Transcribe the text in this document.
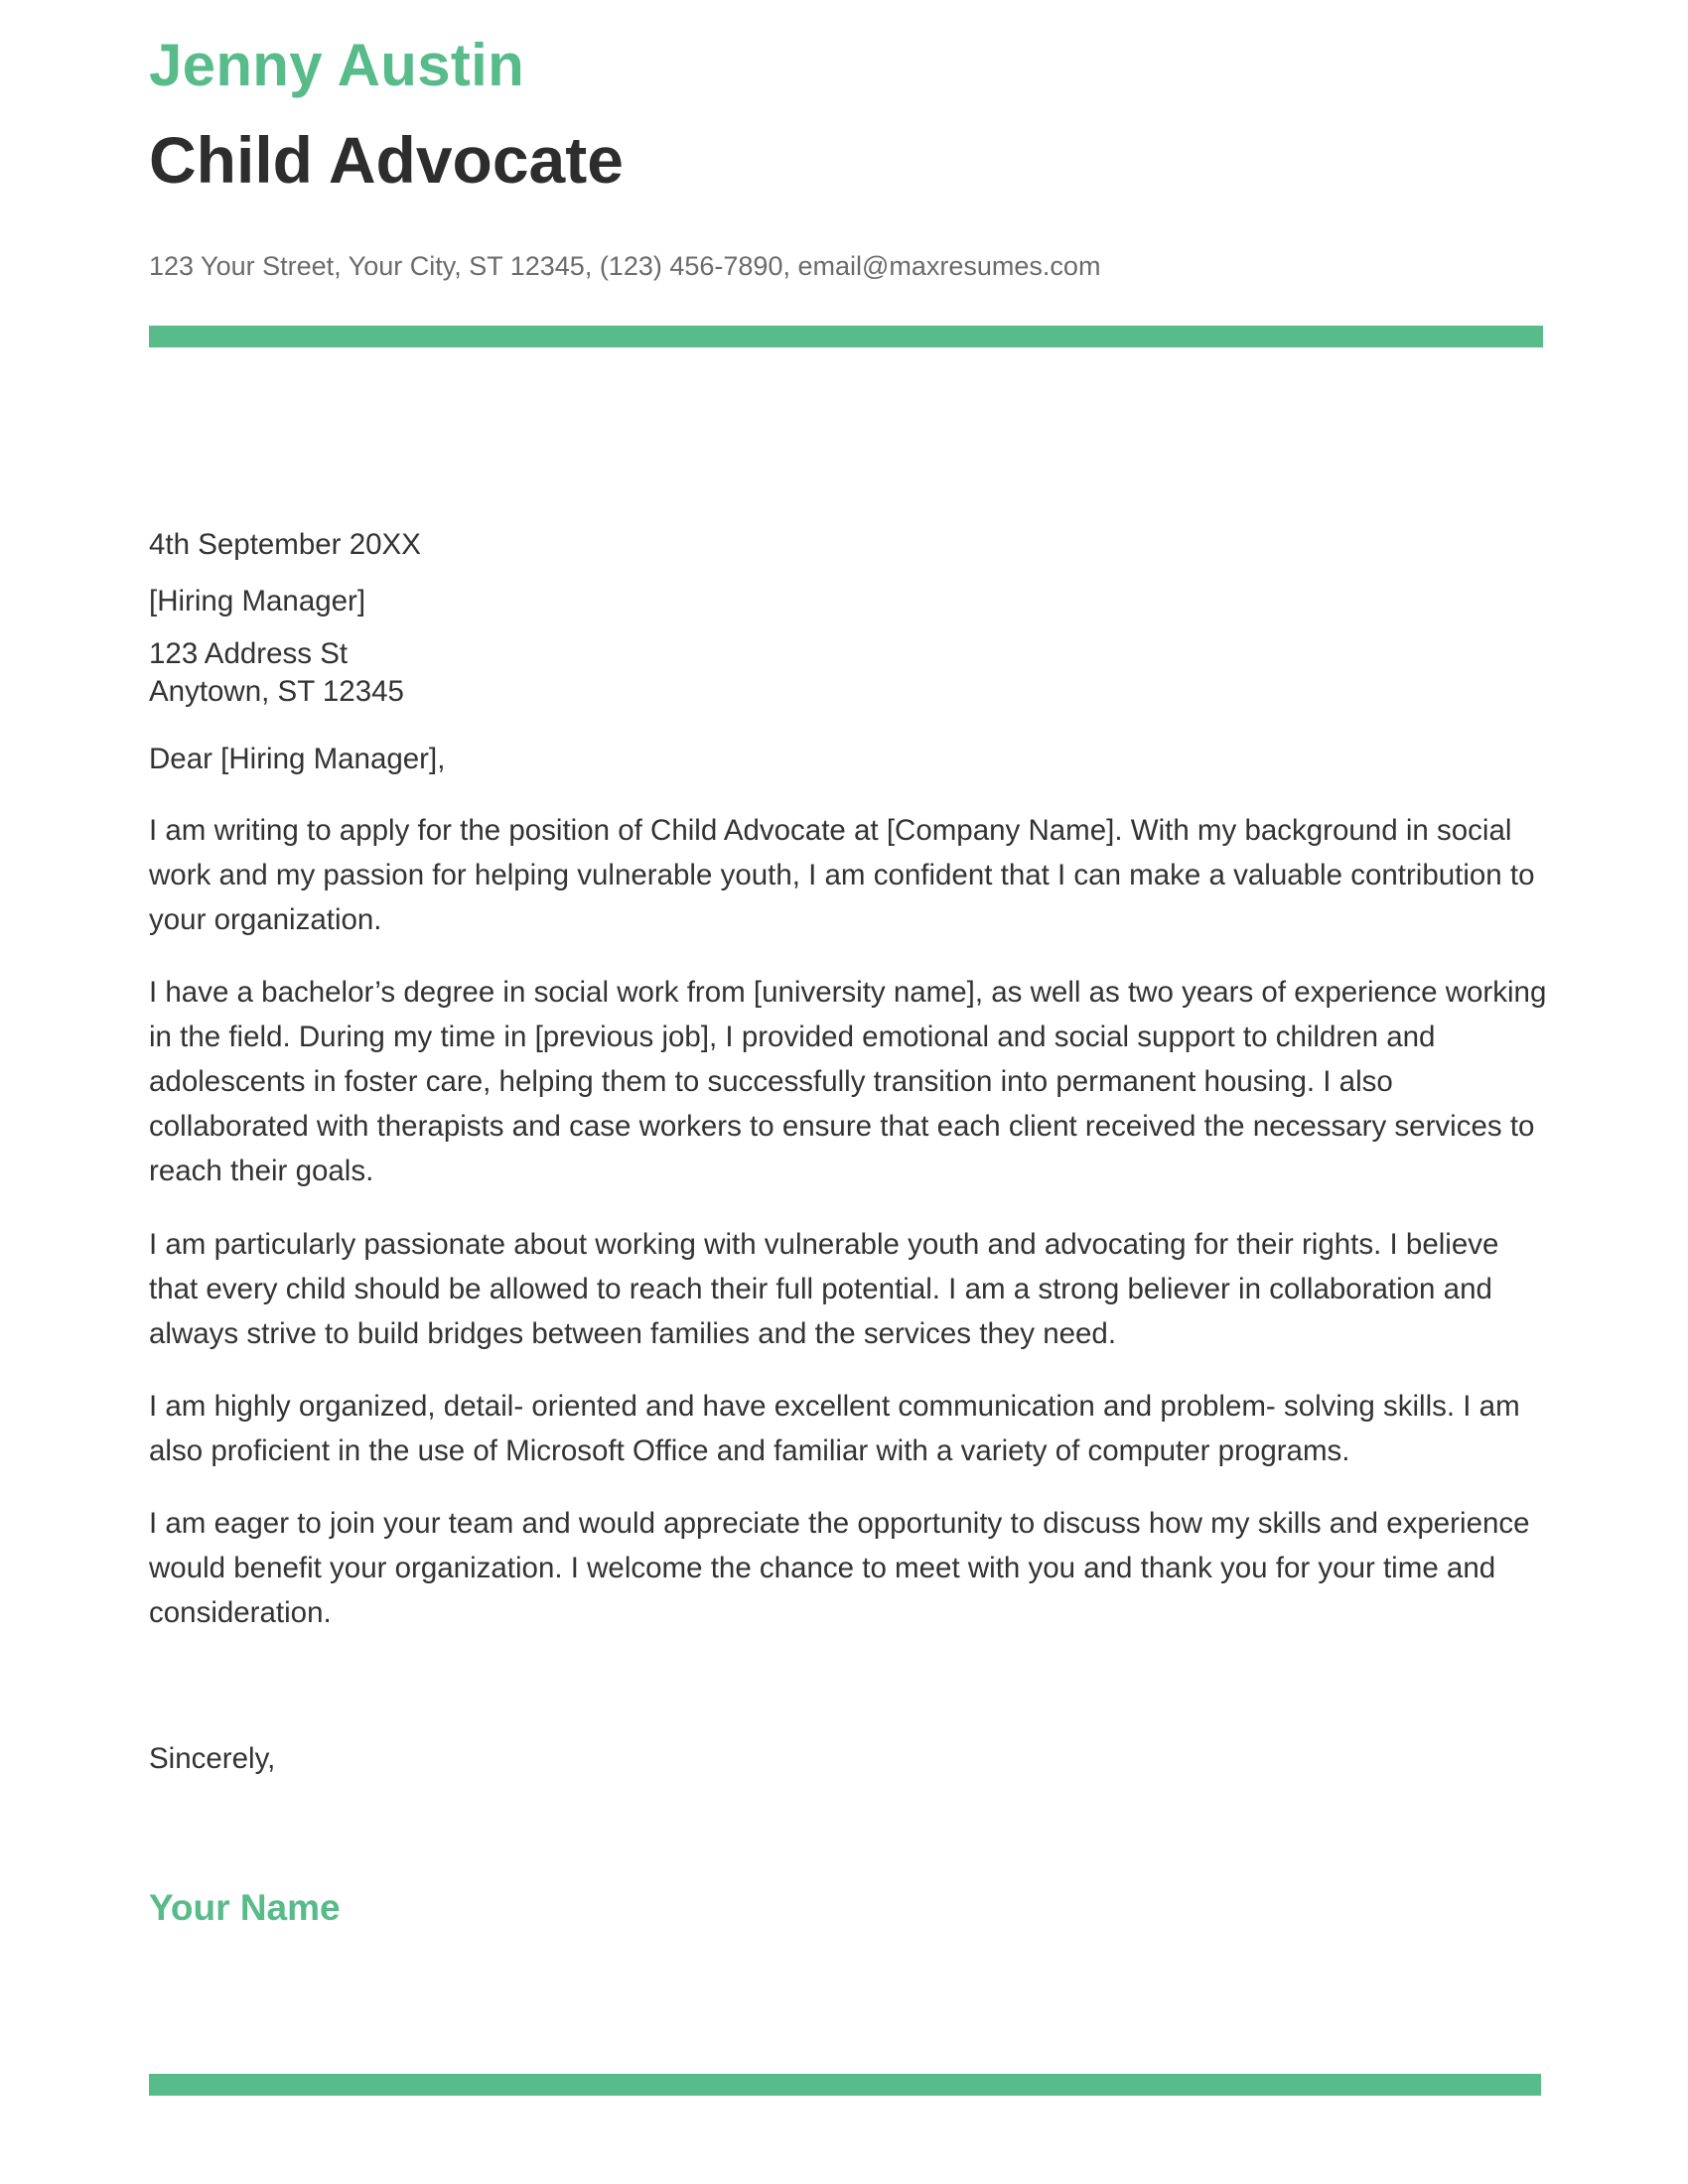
Jenny Austin
Child Advocate
123 Your Street, Your City, ST 12345, (123) 456-7890, email@maxresumes.com

4th September 20XX

[Hiring Manager]

123 Address St
Anytown, ST 12345

Dear [Hiring Manager],

I am writing to apply for the position of Child Advocate at [Company Name]. With my background in social work and my passion for helping vulnerable youth, I am confident that I can make a valuable contribution to your organization.

I have a bachelor’s degree in social work from [university name], as well as two years of experience working in the field. During my time in [previous job], I provided emotional and social support to children and adolescents in foster care, helping them to successfully transition into permanent housing. I also collaborated with therapists and case workers to ensure that each client received the necessary services to reach their goals.

I am particularly passionate about working with vulnerable youth and advocating for their rights. I believe that every child should be allowed to reach their full potential. I am a strong believer in collaboration and always strive to build bridges between families and the services they need.

I am highly organized, detail- oriented and have excellent communication and problem- solving skills. I am also proficient in the use of Microsoft Office and familiar with a variety of computer programs.

I am eager to join your team and would appreciate the opportunity to discuss how my skills and experience would benefit your organization. I welcome the chance to meet with you and thank you for your time and consideration.

Sincerely,

Your Name
